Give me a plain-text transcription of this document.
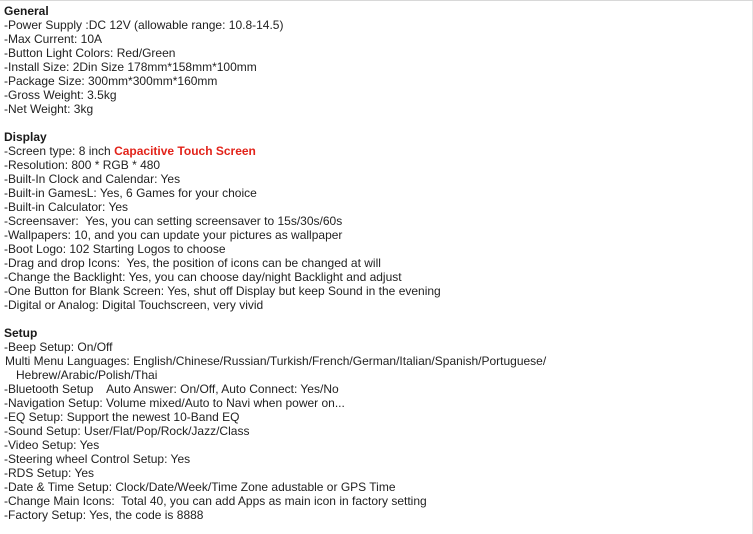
General
-Power Supply :DC 12V (allowable range: 10.8-14.5)
-Max Current: 10A
-Button Light Colors: Red/Green
-Install Size: 2Din Size 178mm*158mm*100mm
-Package Size: 300mm*300mm*160mm
-Gross Weight: 3.5kg
-Net Weight: 3kg
Display
-Screen type: 8 inch Capacitive Touch Screen
-Resolution: 800 * RGB * 480
-Built-In Clock and Calendar: Yes
-Built-in GamesL: Yes, 6 Games for your choice
-Built-in Calculator: Yes
-Screensaver:  Yes, you can setting screensaver to 15s/30s/60s
-Wallpapers: 10, and you can update your pictures as wallpaper
-Boot Logo: 102 Starting Logos to choose
-Drag and drop Icons:  Yes, the position of icons can be changed at will
-Change the Backlight: Yes, you can choose day/night Backlight and adjust
-One Button for Blank Screen: Yes, shut off Display but keep Sound in the evening
-Digital or Analog: Digital Touchscreen, very vivid
Setup
-Beep Setup: On/Off
Multi Menu Languages: English/Chinese/Russian/Turkish/French/German/Italian/Spanish/Portuguese/
Hebrew/Arabic/Polish/Thai
-Bluetooth Setup    Auto Answer: On/Off, Auto Connect: Yes/No
-Navigation Setup: Volume mixed/Auto to Navi when power on...
-EQ Setup: Support the newest 10-Band EQ
-Sound Setup: User/Flat/Pop/Rock/Jazz/Class
-Video Setup: Yes
-Steering wheel Control Setup: Yes
-RDS Setup: Yes
-Date & Time Setup: Clock/Date/Week/Time Zone adustable or GPS Time
-Change Main Icons:  Total 40, you can add Apps as main icon in factory setting
-Factory Setup: Yes, the code is 8888
